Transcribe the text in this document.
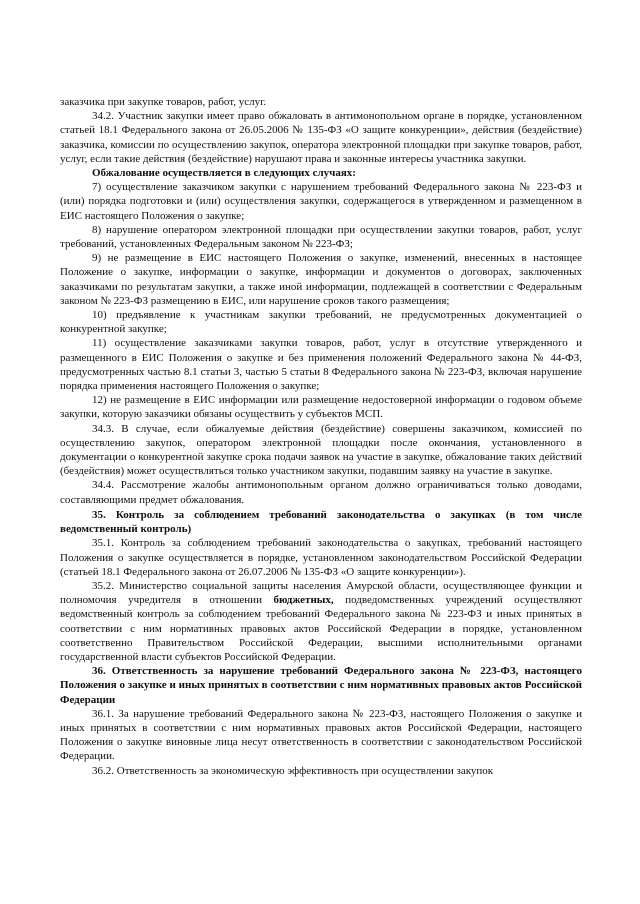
заказчика при закупке товаров, работ, услуг.

34.2. Участник закупки имеет право обжаловать в антимонопольном органе в порядке, установленном статьей 18.1 Федерального закона от 26.05.2006 № 135-ФЗ «О защите конкуренции», действия (бездействие) заказчика, комиссии по осуществлению закупок, оператора электронной площадки при закупке товаров, работ, услуг, если такие действия (бездействие) нарушают права и законные интересы участника закупки.

Обжалование осуществляется в следующих случаях:

7) осуществление заказчиком закупки с нарушением требований Федерального закона № 223-ФЗ и (или) порядка подготовки и (или) осуществления закупки, содержащегося в утвержденном и размещенном в ЕИС настоящего Положения о закупке;

8) нарушение оператором электронной площадки при осуществлении закупки товаров, работ, услуг требований, установленных Федеральным законом № 223-ФЗ;

9) не размещение в ЕИС настоящего Положения о закупке, изменений, внесенных в настоящее Положение о закупке, информации о закупке, информации и документов о договорах, заключенных заказчиками по результатам закупки, а также иной информации, подлежащей в соответствии с Федеральным законом № 223-ФЗ размещению в ЕИС, или нарушение сроков такого размещения;

10) предъявление к участникам закупки требований, не предусмотренных документацией о конкурентной закупке;

11) осуществление заказчиками закупки товаров, работ, услуг в отсутствие утвержденного и размещенного в ЕИС Положения о закупке и без применения положений Федерального закона № 44-ФЗ, предусмотренных частью 8.1 статьи 3, частью 5 статьи 8 Федерального закона № 223-ФЗ, включая нарушение порядка применения настоящего Положения о закупке;

12) не размещение в ЕИС информации или размещение недостоверной информации о годовом объеме закупки, которую заказчики обязаны осуществить у субъектов МСП.

34.3. В случае, если обжалуемые действия (бездействие) совершены заказчиком, комиссией по осуществлению закупок, оператором электронной площадки после окончания, установленного в документации о конкурентной закупке срока подачи заявок на участие в закупке, обжалование таких действий (бездействия) может осуществляться только участником закупки, подавшим заявку на участие в закупке.

34.4. Рассмотрение жалобы антимонопольным органом должно ограничиваться только доводами, составляющими предмет обжалования.

35. Контроль за соблюдением требований законодательства о закупках (в том числе ведомственный контроль)

35.1. Контроль за соблюдением требований законодательства о закупках, требований настоящего Положения о закупке осуществляется в порядке, установленном законодательством Российской Федерации (статьей 18.1 Федерального закона от 26.07.2006 № 135-ФЗ «О защите конкуренции»).

35.2. Министерство социальной защиты населения Амурской области, осуществляющее функции и полномочия учредителя в отношении бюджетных, подведомственных учреждений осуществляют ведомственный контроль за соблюдением требований Федерального закона № 223-ФЗ и иных принятых в соответствии с ним нормативных правовых актов Российской Федерации в порядке, установленном соответственно Правительством Российской Федерации, высшими исполнительными органами государственной власти субъектов Российской Федерации.

36. Ответственность за нарушение требований Федерального закона № 223-ФЗ, настоящего Положения о закупке и иных принятых в соответствии с ним нормативных правовых актов Российской Федерации

36.1. За нарушение требований Федерального закона № 223-ФЗ, настоящего Положения о закупке и иных принятых в соответствии с ним нормативных правовых актов Российской Федерации, настоящего Положения о закупке виновные лица несут ответственность в соответствии с законодательством Российской Федерации.

36.2. Ответственность за экономическую эффективность при осуществлении закупок
